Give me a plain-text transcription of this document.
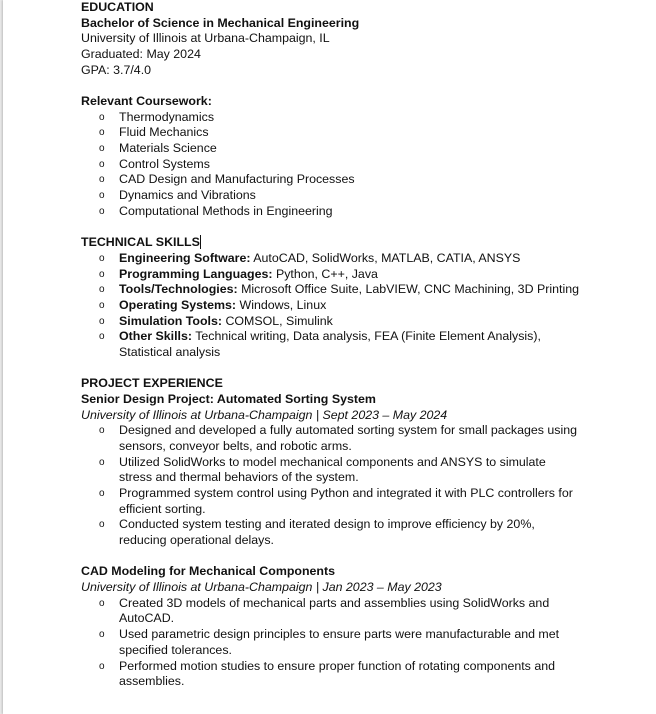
EDUCATION
Bachelor of Science in Mechanical Engineering
University of Illinois at Urbana-Champaign, IL
Graduated: May 2024
GPA: 3.7/4.0
Relevant Coursework:
o Thermodynamics
o Fluid Mechanics
o Materials Science
o Control Systems
o CAD Design and Manufacturing Processes
o Dynamics and Vibrations
o Computational Methods in Engineering
TECHNICAL SKILLS
o Engineering Software: AutoCAD, SolidWorks, MATLAB, CATIA, ANSYS
o Programming Languages: Python, C++, Java
o Tools/Technologies: Microsoft Office Suite, LabVIEW, CNC Machining, 3D Printing
o Operating Systems: Windows, Linux
o Simulation Tools: COMSOL, Simulink
o Other Skills: Technical writing, Data analysis, FEA (Finite Element Analysis),
Statistical analysis
PROJECT EXPERIENCE
Senior Design Project: Automated Sorting System
University of Illinois at Urbana-Champaign | Sept 2023 – May 2024
o Designed and developed a fully automated sorting system for small packages using
sensors, conveyor belts, and robotic arms.
o Utilized SolidWorks to model mechanical components and ANSYS to simulate
stress and thermal behaviors of the system.
o Programmed system control using Python and integrated it with PLC controllers for
efficient sorting.
o Conducted system testing and iterated design to improve efficiency by 20%,
reducing operational delays.
CAD Modeling for Mechanical Components
University of Illinois at Urbana-Champaign | Jan 2023 – May 2023
o Created 3D models of mechanical parts and assemblies using SolidWorks and
AutoCAD.
o Used parametric design principles to ensure parts were manufacturable and met
specified tolerances.
o Performed motion studies to ensure proper function of rotating components and
assemblies.
